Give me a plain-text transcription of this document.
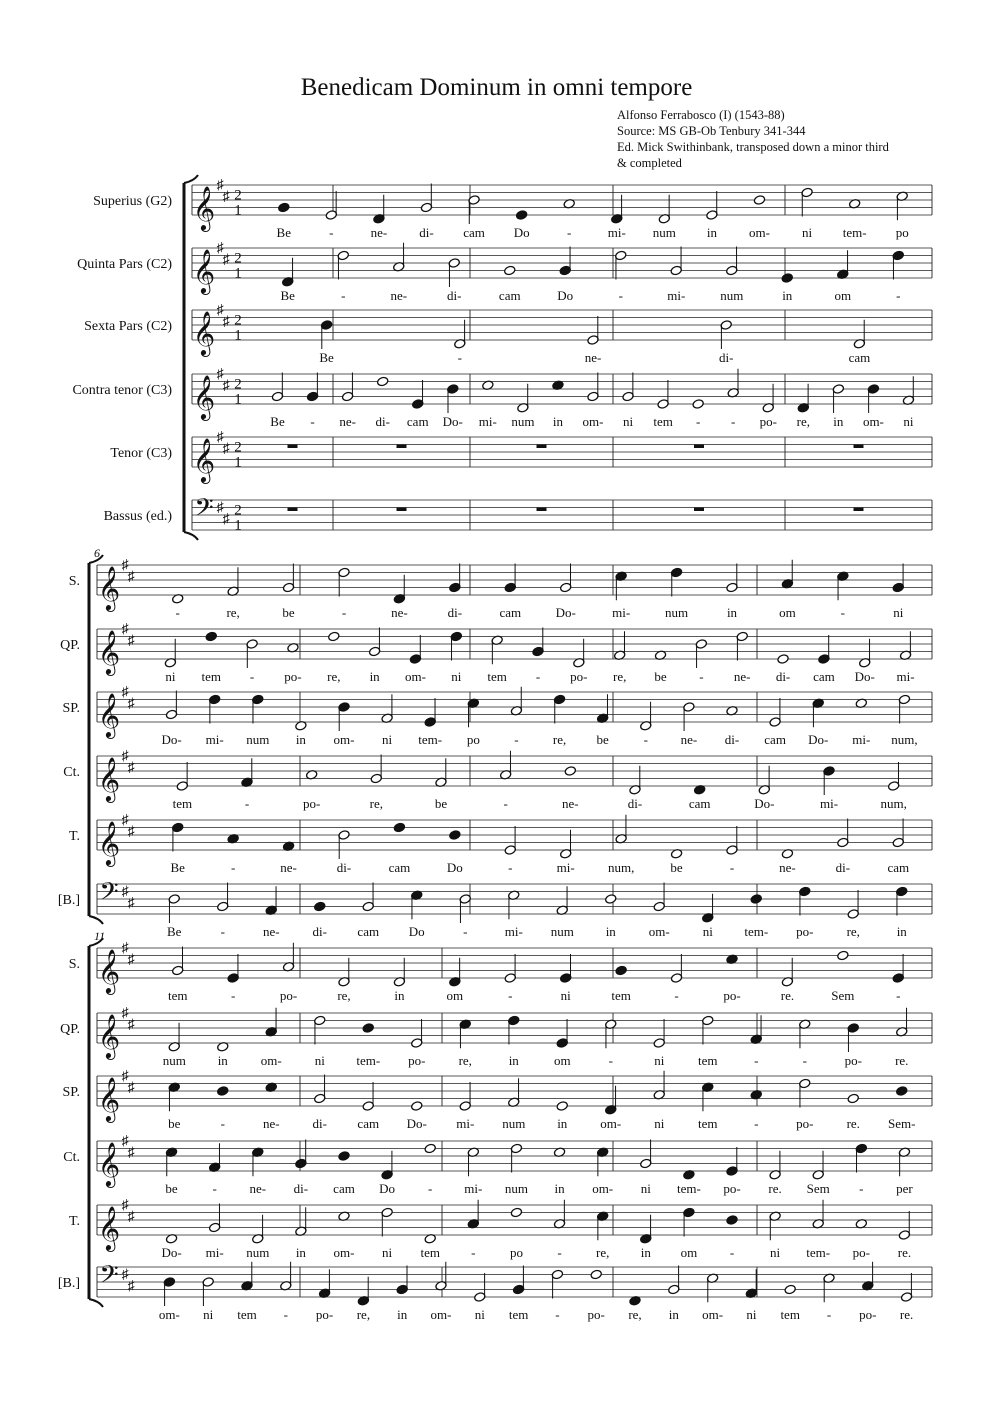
Benedicam Dominum in omni tempore
Alfonso Ferrabosco (I) (1543-88)
Source: MS GB-Ob Tenbury 341-344
Ed. Mick Swithinbank, transposed down a minor third
& completed
Superius (G2) 𝄞
♯
♯ 2
1
Be	-	ne- di- cam Do	-	mi- num in om- ni tem- po
Quinta Pars (C2) 𝄞
♯
♯ 2
1
Be	-	ne-	di-	cam	Do	-	mi-	num	in	om	-
Sexta Pars (C2) 𝄞
♯
♯ 2
1
Be	-	ne-	di-	cam
Contra tenor (C3) 𝄞
♯
♯ 2
1
Be - ne- di- cam Do- mi- num in om- ni tem - - po- re, in om- ni
Tenor (C3) 𝄞
♯
♯ 2
1
Bassus (ed.) 𝄢 ♯
♯
2
1
6
S. 𝄞
♯
♯
-	re,	be	-	ne-	di-	cam	Do-	mi-	num	in	om	-	ni
QP. 𝄞
♯
♯
ni tem - po- re, in om- ni tem - po- re, be	- ne- di- cam Do- mi-
SP. 𝄞
♯
♯
Do- mi- num in om- ni tem- po	-	re, be	-	ne- di- cam Do- mi- num,
Ct. 𝄞
♯
♯
tem	-	po-	re,	be	-	ne-	di-	cam	Do-	mi-	num,
T. 𝄞
♯
♯
Be	-	ne-	di-	cam	Do	-	mi-	num,	be	-	ne-	di-	cam
[B.] 𝄢 ♯
♯
Be	-	ne-	di- cam Do	-	mi- num in	om-	ni tem- po-	re,	in
11
S. 𝄞
♯
♯
tem	-	po-	re,	in	om	-	ni	tem	-	po-	re.	Sem	-
QP. 𝄞
♯
♯
num in	om-	ni tem- po-	re,	in	om	-	ni	tem	-	-	po-	re.
SP. 𝄞
♯
♯
be	-	ne-	di- cam Do- mi- num in	om-	ni	tem	-	po-	re. Sem-
Ct. 𝄞
♯
♯
be	-	ne- di- cam Do	- mi- num in om- ni tem- po- re. Sem -	per
T. 𝄞
♯
♯
Do- mi- num in om- ni tem -	po	-	re, in om	-	ni tem- po- re.
[B.] 𝄢 ♯
♯
om- ni tem - po- re, in om- ni tem - po- re, in om- ni tem - po- re.
